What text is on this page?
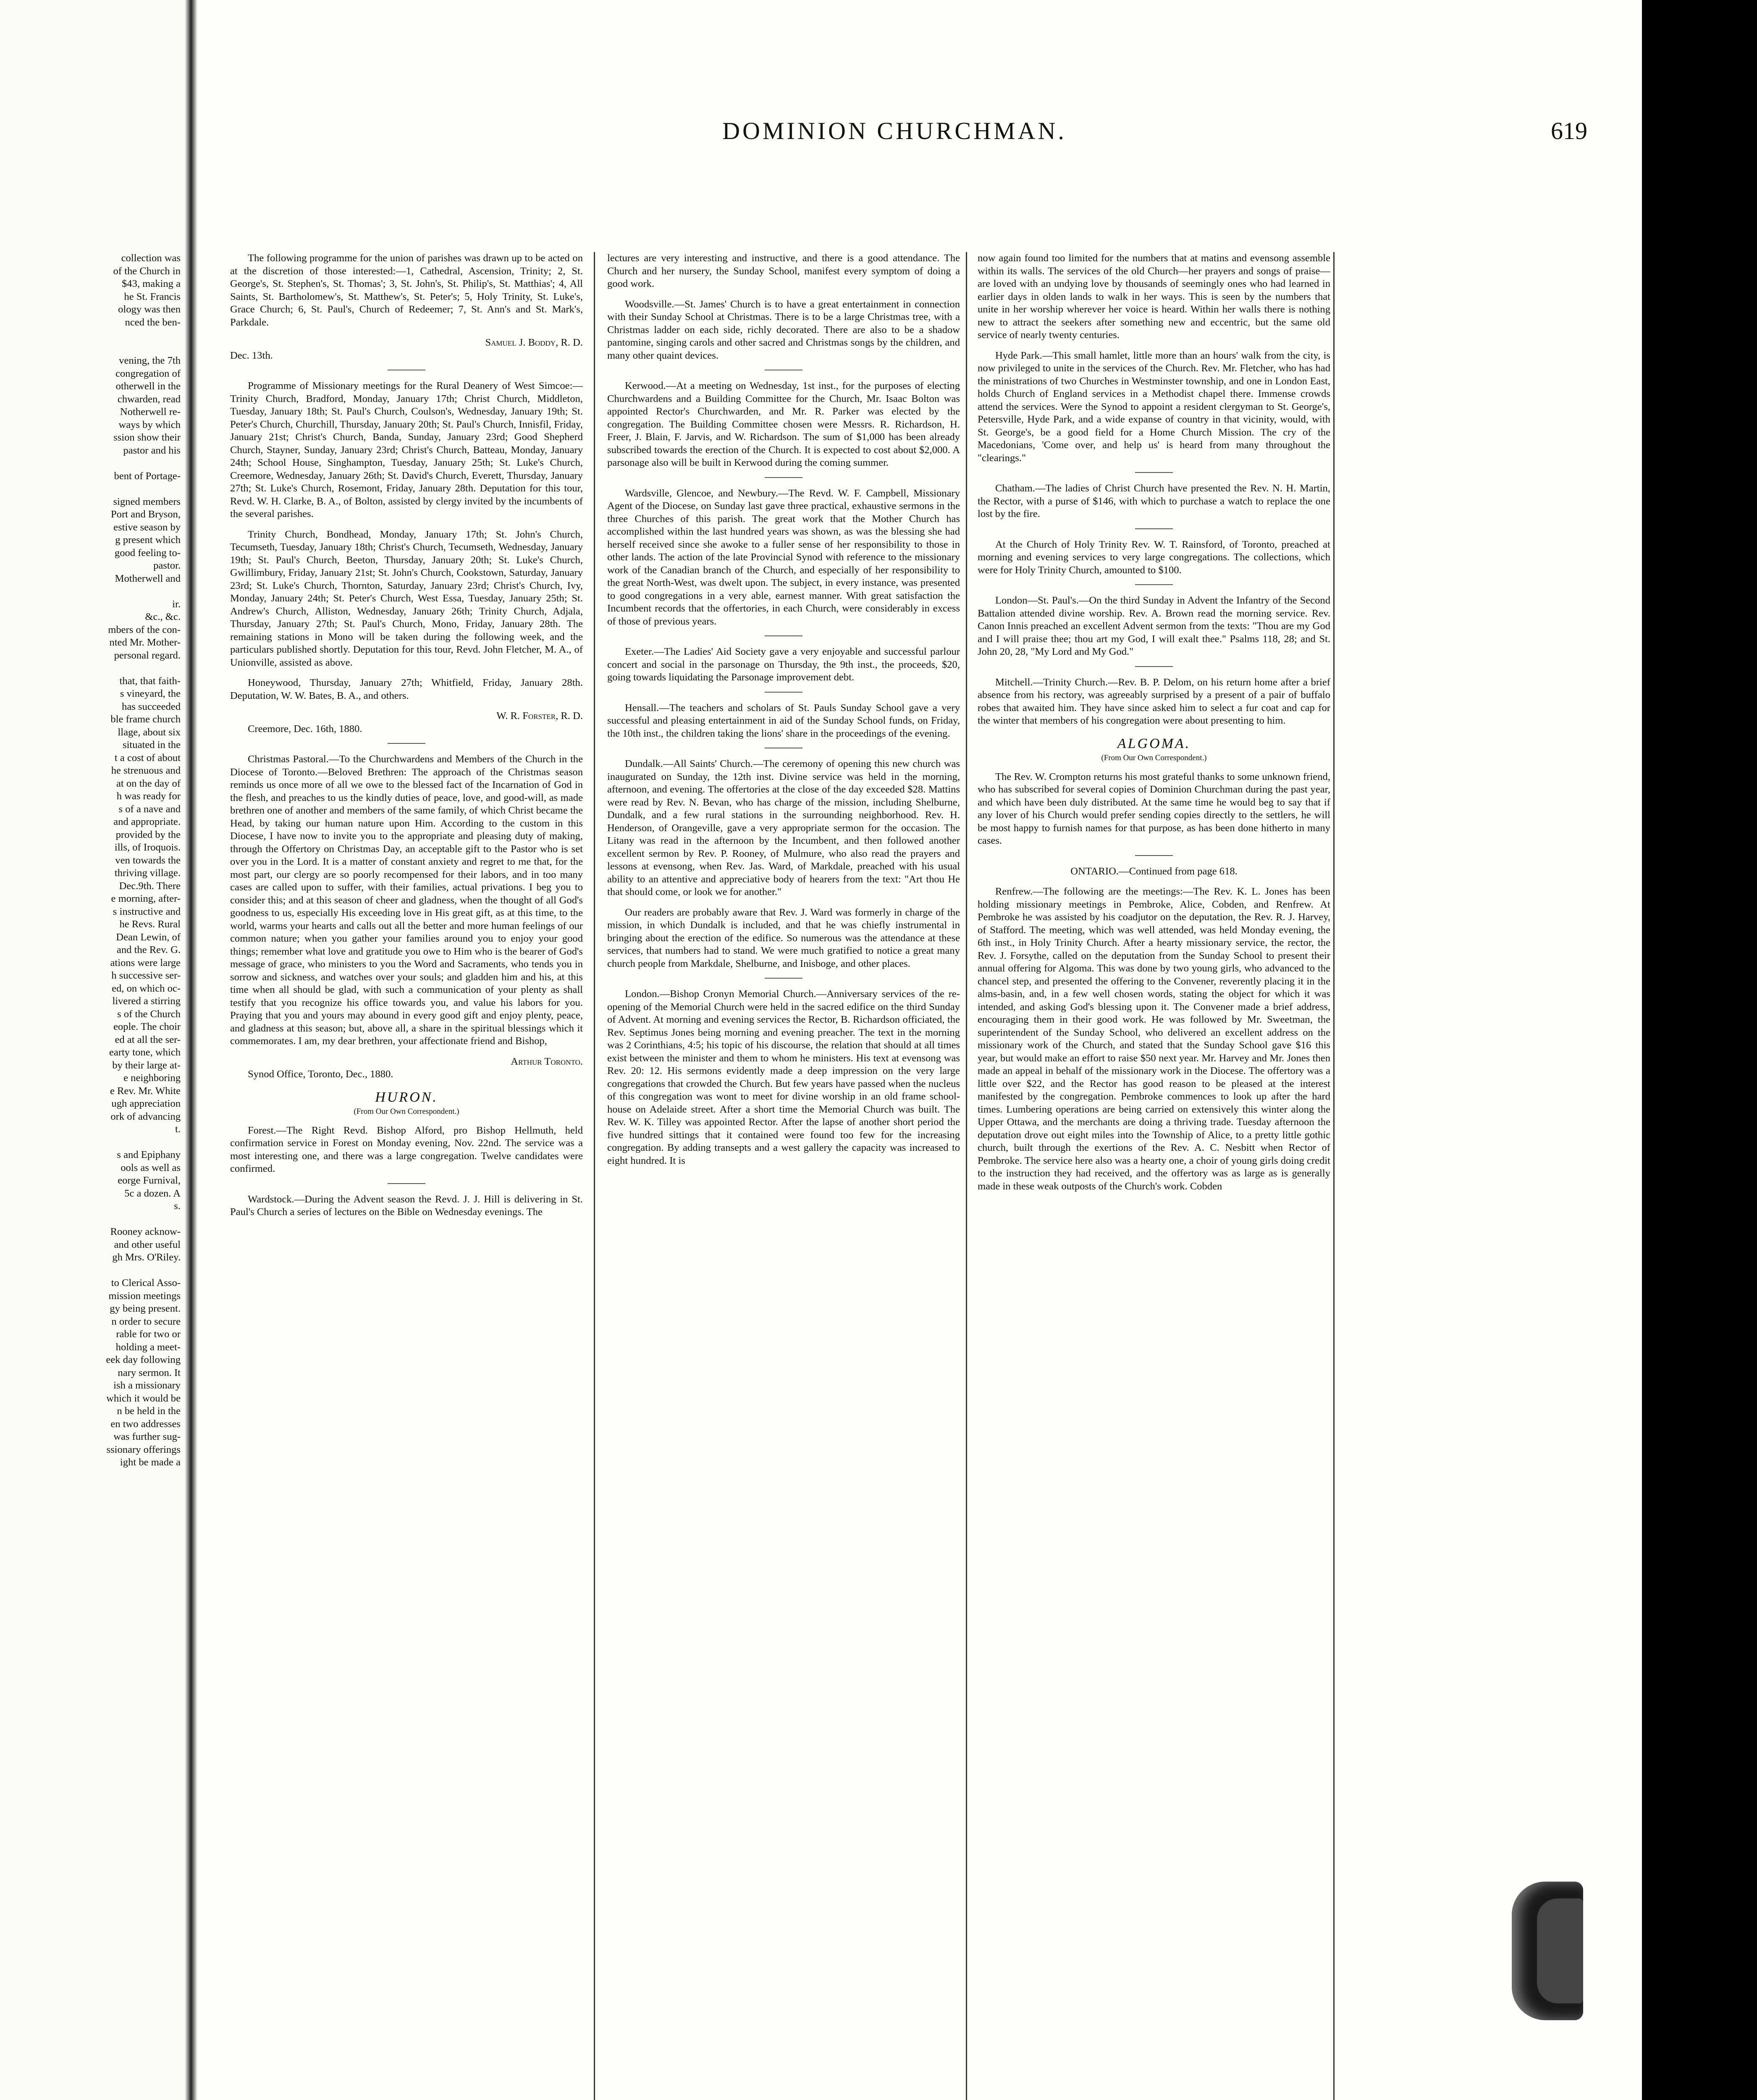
collection was
of the Church in
$43, making a
he St. Francis
ology was then
nced the ben-
vening, the 7th
congregation of
otherwell in the
chwarden, read
Notherwell re-
ways by which
ssion show their
pastor and his
bent of Portage-
signed members
Port and Bryson,
estive season by
g present which
good feeling to-
pastor.
Motherwell and
ir.
&c., &c.
mbers of the con-
nted Mr. Mother-
personal regard.
that, that faith-
s vineyard, the
has succeeded
ble frame church
llage, about six
situated in the
t a cost of about
he strenuous and
at on the day of
h was ready for
s of a nave and
and appropriate.
provided by the
ills, of Iroquois.
ven towards the
thriving village.
Dec.9th. There
e morning, after-
s instructive and
he Revs. Rural
Dean Lewin, of
and the Rev. G.
ations were large
h successive ser-
ed, on which oc-
livered a stirring
s of the Church
eople. The choir
ed at all the ser-
earty tone, which
by their large at-
e neighboring
e Rev. Mr. White
ugh appreciation
ork of advancing
t.
s and Epiphany
ools as well as
eorge Furnival,
5c a dozen. A
s.
Rooney acknow-
and other useful
gh Mrs. O'Riley.
to Clerical Asso-
mission meetings
gy being present.
n order to secure
rable for two or
holding a meet-
eek day following
nary sermon. It
ish a missionary
which it would be
n be held in the
en two addresses
was further sug-
ssionary offerings
ight be made a
DOMINION CHURCHMAN.	619

The following programme for the union of parishes was drawn up to be acted on at the discretion of those interested:—1, Cathedral, Ascension, Trinity; 2, St. George's, St. Stephen's, St. Thomas'; 3, St. John's, St. Philip's, St. Matthias'; 4, All Saints, St. Bartholomew's, St. Matthew's, St. Peter's; 5, Holy Trinity, St. Luke's, Grace Church; 6, St. Paul's, Church of Redeemer; 7, St. Ann's and St. Mark's, Parkdale.

Samuel J. Boddy, R. D.

Dec. 13th.

Programme of Missionary meetings for the Rural Deanery of West Simcoe:—Trinity Church, Bradford, Monday, January 17th; Christ Church, Middleton, Tuesday, January 18th; St. Paul's Church, Coulson's, Wednesday, January 19th; St. Peter's Church, Churchill, Thursday, January 20th; St. Paul's Church, Innisfil, Friday, January 21st; Christ's Church, Banda, Sunday, January 23rd; Good Shepherd Church, Stayner, Sunday, January 23rd; Christ's Church, Batteau, Monday, January 24th; School House, Singhampton, Tuesday, January 25th; St. Luke's Church, Creemore, Wednesday, January 26th; St. David's Church, Everett, Thursday, January 27th; St. Luke's Church, Rosemont, Friday, January 28th. Deputation for this tour, Revd. W. H. Clarke, B. A., of Bolton, assisted by clergy invited by the incumbents of the several parishes.

Trinity Church, Bondhead, Monday, January 17th; St. John's Church, Tecumseth, Tuesday, January 18th; Christ's Church, Tecumseth, Wednesday, January 19th; St. Paul's Church, Beeton, Thursday, January 20th; St. Luke's Church, Gwillimbury, Friday, January 21st; St. John's Church, Cookstown, Saturday, January 23rd; St. Luke's Church, Thornton, Saturday, January 23rd; Christ's Church, Ivy, Monday, January 24th; St. Peter's Church, West Essa, Tuesday, January 25th; St. Andrew's Church, Alliston, Wednesday, January 26th; Trinity Church, Adjala, Thursday, January 27th; St. Paul's Church, Mono, Friday, January 28th. The remaining stations in Mono will be taken during the following week, and the particulars published shortly. Deputation for this tour, Revd. John Fletcher, M. A., of Unionville, assisted as above.

Honeywood, Thursday, January 27th; Whitfield, Friday, January 28th. Deputation, W. W. Bates, B. A., and others.

W. R. Forster, R. D.

Creemore, Dec. 16th, 1880.

Christmas Pastoral.—To the Churchwardens and Members of the Church in the Diocese of Toronto.—Beloved Brethren: The approach of the Christmas season reminds us once more of all we owe to the blessed fact of the Incarnation of God in the flesh, and preaches to us the kindly duties of peace, love, and good-will, as made brethren one of another and members of the same family, of which Christ became the Head, by taking our human nature upon Him. According to the custom in this Diocese, I have now to invite you to the appropriate and pleasing duty of making, through the Offertory on Christmas Day, an acceptable gift to the Pastor who is set over you in the Lord. It is a matter of constant anxiety and regret to me that, for the most part, our clergy are so poorly recompensed for their labors, and in too many cases are called upon to suffer, with their families, actual privations. I beg you to consider this; and at this season of cheer and gladness, when the thought of all God's goodness to us, especially His exceeding love in His great gift, as at this time, to the world, warms your hearts and calls out all the better and more human feelings of our common nature; when you gather your families around you to enjoy your good things; remember what love and gratitude you owe to Him who is the bearer of God's message of grace, who ministers to you the Word and Sacraments, who tends you in sorrow and sickness, and watches over your souls; and gladden him and his, at this time when all should be glad, with such a communication of your plenty as shall testify that you recognize his office towards you, and value his labors for you. Praying that you and yours may abound in every good gift and enjoy plenty, peace, and gladness at this season; but, above all, a share in the spiritual blessings which it commemorates. I am, my dear brethren, your affectionate friend and Bishop,

Arthur Toronto.

Synod Office, Toronto, Dec., 1880.

HURON.
(From Our Own Correspondent.)

Forest.—The Right Revd. Bishop Alford, pro Bishop Hellmuth, held confirmation service in Forest on Monday evening, Nov. 22nd. The service was a most interesting one, and there was a large congregation. Twelve candidates were confirmed.

Wardstock.—During the Advent season the Revd. J. J. Hill is delivering in St. Paul's Church a series of lectures on the Bible on Wednesday evenings. The

lectures are very interesting and instructive, and there is a good attendance. The Church and her nursery, the Sunday School, manifest every symptom of doing a good work.

Woodsville.—St. James' Church is to have a great entertainment in connection with their Sunday School at Christmas. There is to be a large Christmas tree, with a Christmas ladder on each side, richly decorated. There are also to be a shadow pantomine, singing carols and other sacred and Christmas songs by the children, and many other quaint devices.

Kerwood.—At a meeting on Wednesday, 1st inst., for the purposes of electing Churchwardens and a Building Committee for the Church, Mr. Isaac Bolton was appointed Rector's Churchwarden, and Mr. R. Parker was elected by the congregation. The Building Committee chosen were Messrs. R. Richardson, H. Freer, J. Blain, F. Jarvis, and W. Richardson. The sum of $1,000 has been already subscribed towards the erection of the Church. It is expected to cost about $2,000. A parsonage also will be built in Kerwood during the coming summer.

Wardsville, Glencoe, and Newbury.—The Revd. W. F. Campbell, Missionary Agent of the Diocese, on Sunday last gave three practical, exhaustive sermons in the three Churches of this parish. The great work that the Mother Church has accomplished within the last hundred years was shown, as was the blessing she had herself received since she awoke to a fuller sense of her responsibility to those in other lands. The action of the late Provincial Synod with reference to the missionary work of the Canadian branch of the Church, and especially of her responsibility to the great North-West, was dwelt upon. The subject, in every instance, was presented to good congregations in a very able, earnest manner. With great satisfaction the Incumbent records that the offertories, in each Church, were considerably in excess of those of previous years.

Exeter.—The Ladies' Aid Society gave a very enjoyable and successful parlour concert and social in the parsonage on Thursday, the 9th inst., the proceeds, $20, going towards liquidating the Parsonage improvement debt.

Hensall.—The teachers and scholars of St. Pauls Sunday School gave a very successful and pleasing entertainment in aid of the Sunday School funds, on Friday, the 10th inst., the children taking the lions' share in the proceedings of the evening.

Dundalk.—All Saints' Church.—The ceremony of opening this new church was inaugurated on Sunday, the 12th inst. Divine service was held in the morning, afternoon, and evening. The offertories at the close of the day exceeded $28. Mattins were read by Rev. N. Bevan, who has charge of the mission, including Shelburne, Dundalk, and a few rural stations in the surrounding neighborhood. Rev. H. Henderson, of Orangeville, gave a very appropriate sermon for the occasion. The Litany was read in the afternoon by the Incumbent, and then followed another excellent sermon by Rev. P. Rooney, of Mulmure, who also read the prayers and lessons at evensong, when Rev. Jas. Ward, of Markdale, preached with his usual ability to an attentive and appreciative body of hearers from the text: "Art thou He that should come, or look we for another."

Our readers are probably aware that Rev. J. Ward was formerly in charge of the mission, in which Dundalk is included, and that he was chiefly instrumental in bringing about the erection of the edifice. So numerous was the attendance at these services, that numbers had to stand. We were much gratified to notice a great many church people from Markdale, Shelburne, and Inisboge, and other places.

London.—Bishop Cronyn Memorial Church.—Anniversary services of the re-opening of the Memorial Church were held in the sacred edifice on the third Sunday of Advent. At morning and evening services the Rector, B. Richardson officiated, the Rev. Septimus Jones being morning and evening preacher. The text in the morning was 2 Corinthians, 4:5; his topic of his discourse, the relation that should at all times exist between the minister and them to whom he ministers. His text at evensong was Rev. 20: 12. His sermons evidently made a deep impression on the very large congregations that crowded the Church. But few years have passed when the nucleus of this congregation was wont to meet for divine worship in an old frame school-house on Adelaide street. After a short time the Memorial Church was built. The Rev. W. K. Tilley was appointed Rector. After the lapse of another short period the five hundred sittings that it contained were found too few for the increasing congregation. By adding transepts and a west gallery the capacity was increased to eight hundred. It is

now again found too limited for the numbers that at matins and evensong assemble within its walls. The services of the old Church—her prayers and songs of praise—are loved with an undying love by thousands of seemingly ones who had learned in earlier days in olden lands to walk in her ways. This is seen by the numbers that unite in her worship wherever her voice is heard. Within her walls there is nothing new to attract the seekers after something new and eccentric, but the same old service of nearly twenty centuries.

Hyde Park.—This small hamlet, little more than an hours' walk from the city, is now privileged to unite in the services of the Church. Rev. Mr. Fletcher, who has had the ministrations of two Churches in Westminster township, and one in London East, holds Church of England services in a Methodist chapel there. Immense crowds attend the services. Were the Synod to appoint a resident clergyman to St. George's, Petersville, Hyde Park, and a wide expanse of country in that vicinity, would, with St. George's, be a good field for a Home Church Mission. The cry of the Macedonians, 'Come over, and help us' is heard from many throughout the "clearings."

Chatham.—The ladies of Christ Church have presented the Rev. N. H. Martin, the Rector, with a purse of $146, with which to purchase a watch to replace the one lost by the fire.

At the Church of Holy Trinity Rev. W. T. Rainsford, of Toronto, preached at morning and evening services to very large congregations. The collections, which were for Holy Trinity Church, amounted to $100.

London—St. Paul's.—On the third Sunday in Advent the Infantry of the Second Battalion attended divine worship. Rev. A. Brown read the morning service. Rev. Canon Innis preached an excellent Advent sermon from the texts: "Thou are my God and I will praise thee; thou art my God, I will exalt thee." Psalms 118, 28; and St. John 20, 28, "My Lord and My God."

Mitchell.—Trinity Church.—Rev. B. P. Delom, on his return home after a brief absence from his rectory, was agreeably surprised by a present of a pair of buffalo robes that awaited him. They have since asked him to select a fur coat and cap for the winter that members of his congregation were about presenting to him.

ALGOMA.
(From Our Own Correspondent.)

The Rev. W. Crompton returns his most grateful thanks to some unknown friend, who has subscribed for several copies of Dominion Churchman during the past year, and which have been duly distributed. At the same time he would beg to say that if any lover of his Church would prefer sending copies directly to the settlers, he will be most happy to furnish names for that purpose, as has been done hitherto in many cases.

ONTARIO.—Continued from page 618.

Renfrew.—The following are the meetings:—The Rev. K. L. Jones has been holding missionary meetings in Pembroke, Alice, Cobden, and Renfrew. At Pembroke he was assisted by his coadjutor on the deputation, the Rev. R. J. Harvey, of Stafford. The meeting, which was well attended, was held Monday evening, the 6th inst., in Holy Trinity Church. After a hearty missionary service, the rector, the Rev. J. Forsythe, called on the deputation from the Sunday School to present their annual offering for Algoma. This was done by two young girls, who advanced to the chancel step, and presented the offering to the Convener, reverently placing it in the alms-basin, and, in a few well chosen words, stating the object for which it was intended, and asking God's blessing upon it. The Convener made a brief address, encouraging them in their good work. He was followed by Mr. Sweetman, the superintendent of the Sunday School, who delivered an excellent address on the missionary work of the Church, and stated that the Sunday School gave $16 this year, but would make an effort to raise $50 next year. Mr. Harvey and Mr. Jones then made an appeal in behalf of the missionary work in the Diocese. The offertory was a little over $22, and the Rector has good reason to be pleased at the interest manifested by the congregation. Pembroke commences to look up after the hard times. Lumbering operations are being carried on extensively this winter along the Upper Ottawa, and the merchants are doing a thriving trade. Tuesday afternoon the deputation drove out eight miles into the Township of Alice, to a pretty little gothic church, built through the exertions of the Rev. A. C. Nesbitt when Rector of Pembroke. The service here also was a hearty one, a choir of young girls doing credit to the instruction they had received, and the offertory was as large as is generally made in these weak outposts of the Church's work. Cobden
